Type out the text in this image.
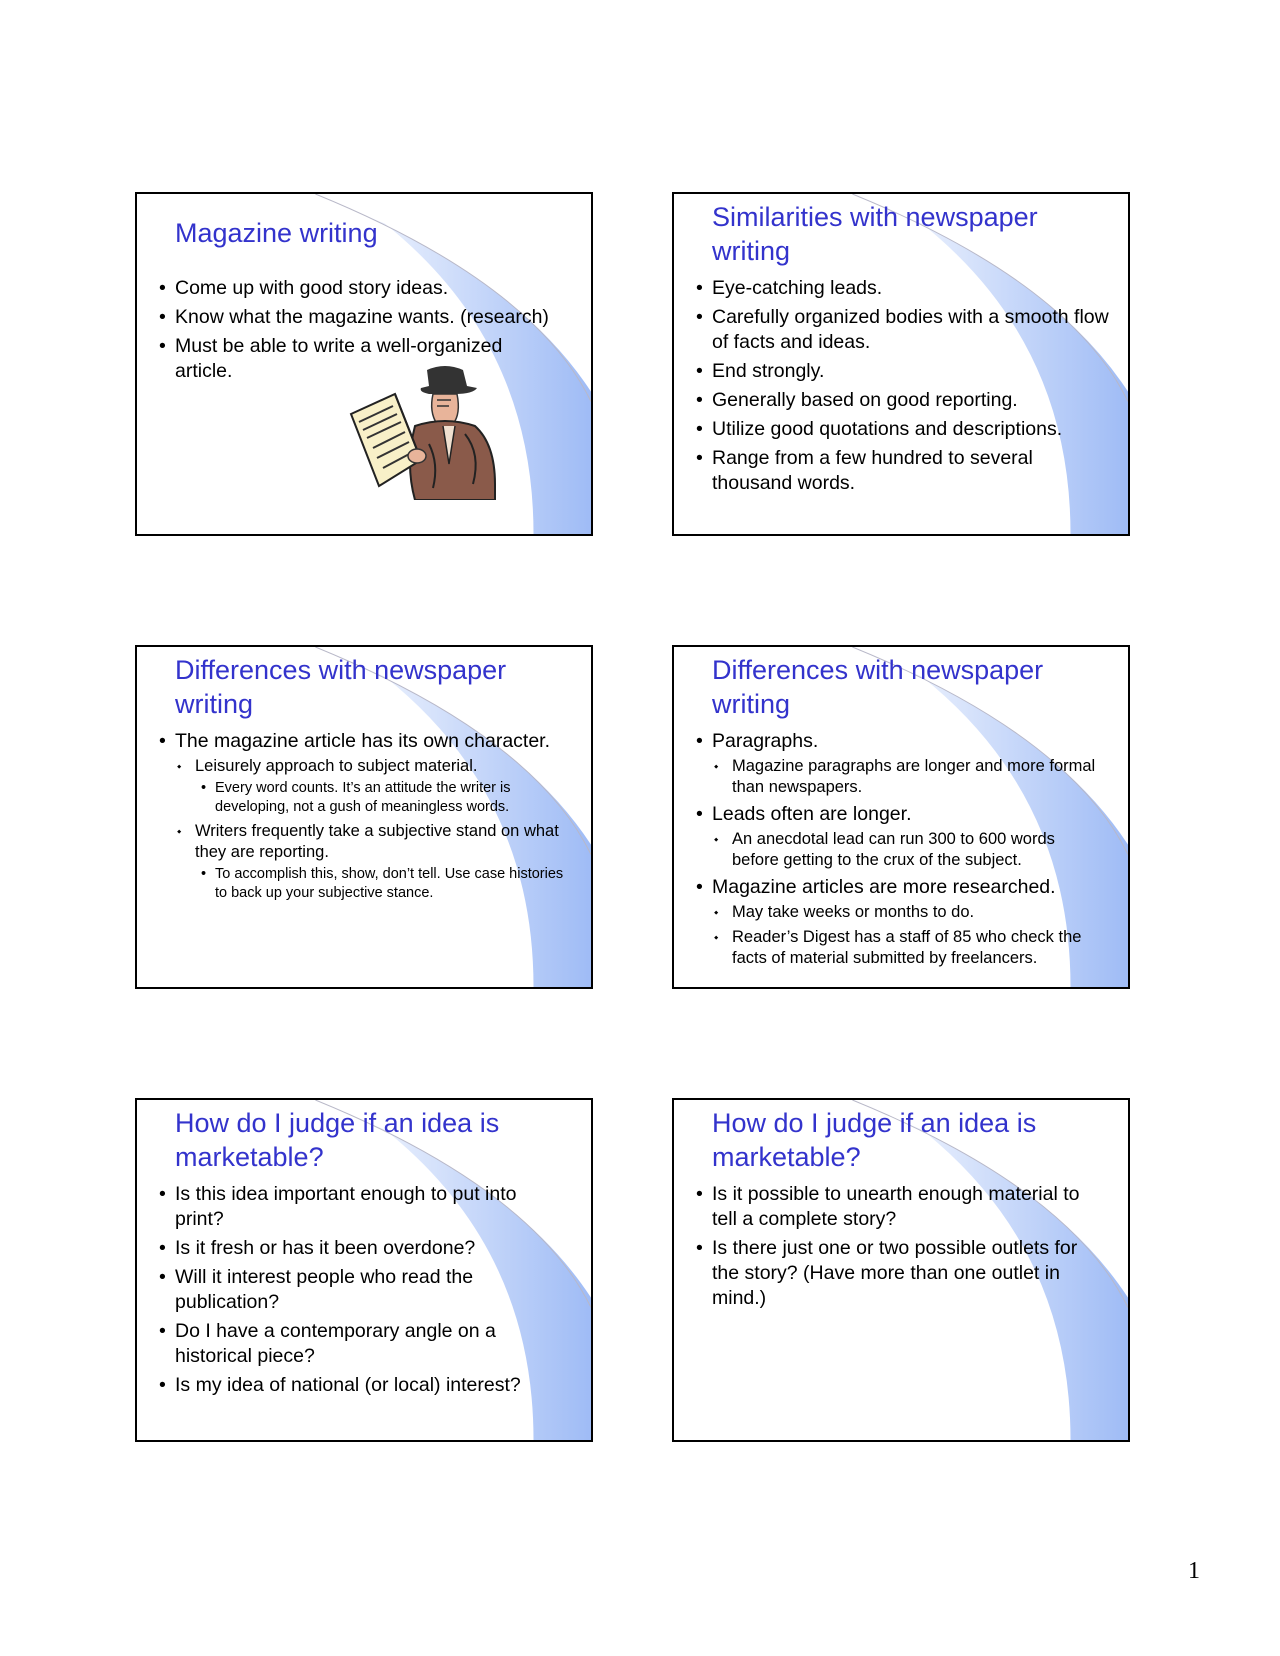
Magazine writing
• Come up with good story ideas.
• Know what the magazine wants. (research)
• Must be able to write a well-organized article.
Similarities with newspaper writing
• Eye-catching leads.
• Carefully organized bodies with a smooth flow of facts and ideas.
• End strongly.
• Generally based on good reporting.
• Utilize good quotations and descriptions.
• Range from a few hundred to several thousand words.
Differences with newspaper writing
• The magazine article has its own character.
⬩ Leisurely approach to subject material.
• Every word counts. It’s an attitude the writer is developing, not a gush of meaningless words.
⬩ Writers frequently take a subjective stand on what they are reporting.
• To accomplish this, show, don’t tell. Use case histories to back up your subjective stance.
Differences with newspaper writing
• Paragraphs.
⬩ Magazine paragraphs are longer and more formal than newspapers.
• Leads often are longer.
⬩ An anecdotal lead can run 300 to 600 words before getting to the crux of the subject.
• Magazine articles are more researched.
⬩ May take weeks or months to do.
⬩ Reader’s Digest has a staff of 85 who check the facts of material submitted by freelancers.
How do I judge if an idea is marketable?
• Is this idea important enough to put into print?
• Is it fresh or has it been overdone?
• Will it interest people who read the publication?
• Do I have a contemporary angle on a historical piece?
• Is my idea of national (or local) interest?
How do I judge if an idea is marketable?
• Is it possible to unearth enough material to tell a complete story?
• Is there just one or two possible outlets for the story? (Have more than one outlet in mind.)
1
